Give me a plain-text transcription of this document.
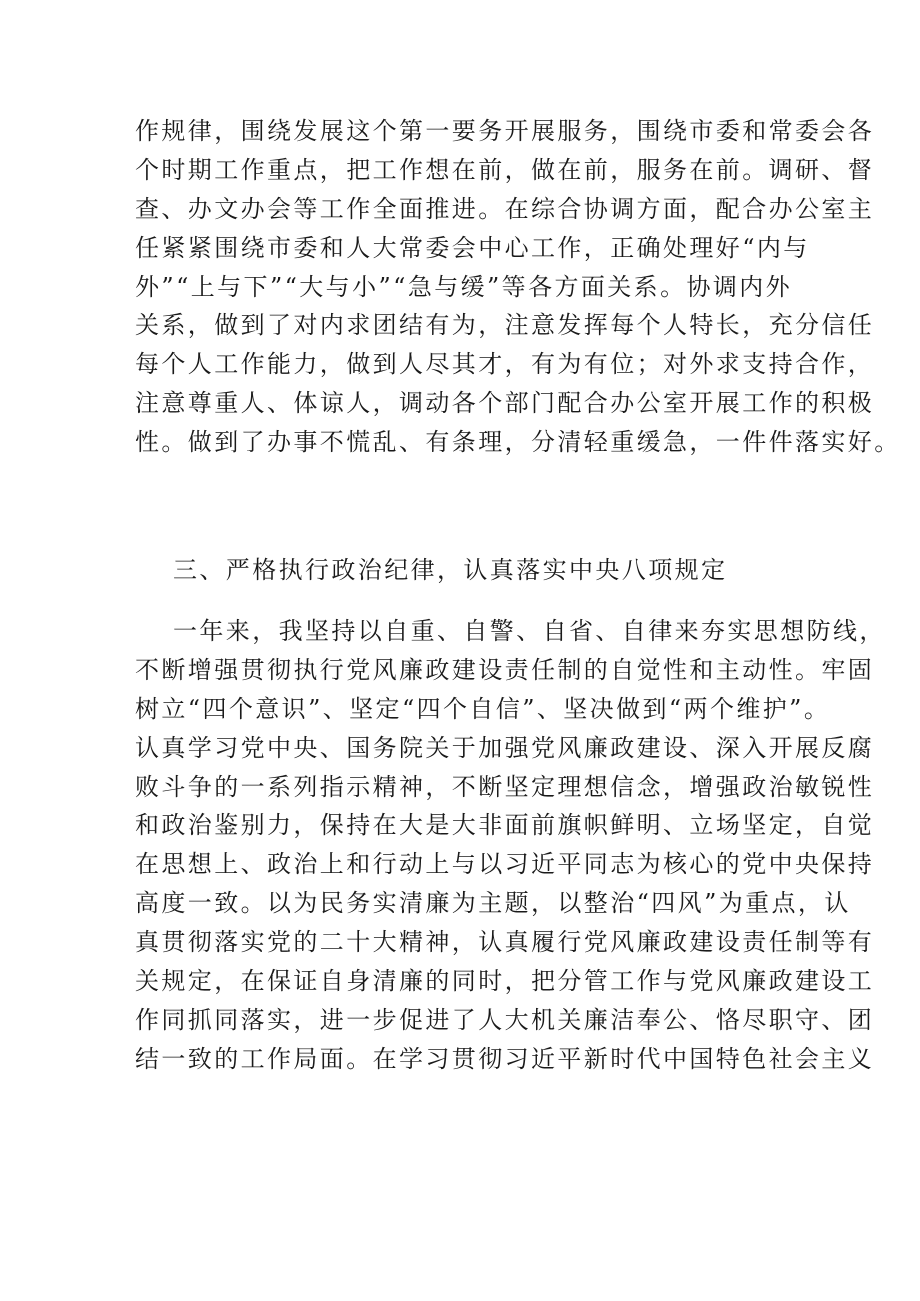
作规律，围绕发展这个第一要务开展服务，围绕市委和常委会各
个时期工作重点，把工作想在前，做在前，服务在前。调研、督
查、办文办会等工作全面推进。在综合协调方面，配合办公室主
任紧紧围绕市委和人大常委会中心工作，正确处理好“内与
外”“上与下”“大与小”“急与缓”等各方面关系。协调内外
关系，做到了对内求团结有为，注意发挥每个人特长，充分信任
每个人工作能力，做到人尽其才，有为有位；对外求支持合作，
注意尊重人、体谅人，调动各个部门配合办公室开展工作的积极
性。做到了办事不慌乱、有条理，分清轻重缓急，一件件落实好。
三、严格执行政治纪律，认真落实中央八项规定
一年来，我坚持以自重、自警、自省、自律来夯实思想防线，
不断增强贯彻执行党风廉政建设责任制的自觉性和主动性。牢固
树立“四个意识”、坚定“四个自信”、坚决做到“两个维护”。
认真学习党中央、国务院关于加强党风廉政建设、深入开展反腐
败斗争的一系列指示精神，不断坚定理想信念，增强政治敏锐性
和政治鉴别力，保持在大是大非面前旗帜鲜明、立场坚定，自觉
在思想上、政治上和行动上与以习近平同志为核心的党中央保持
高度一致。以为民务实清廉为主题，以整治“四风”为重点，认
真贯彻落实党的二十大精神，认真履行党风廉政建设责任制等有
关规定，在保证自身清廉的同时，把分管工作与党风廉政建设工
作同抓同落实，进一步促进了人大机关廉洁奉公、恪尽职守、团
结一致的工作局面。在学习贯彻习近平新时代中国特色社会主义
